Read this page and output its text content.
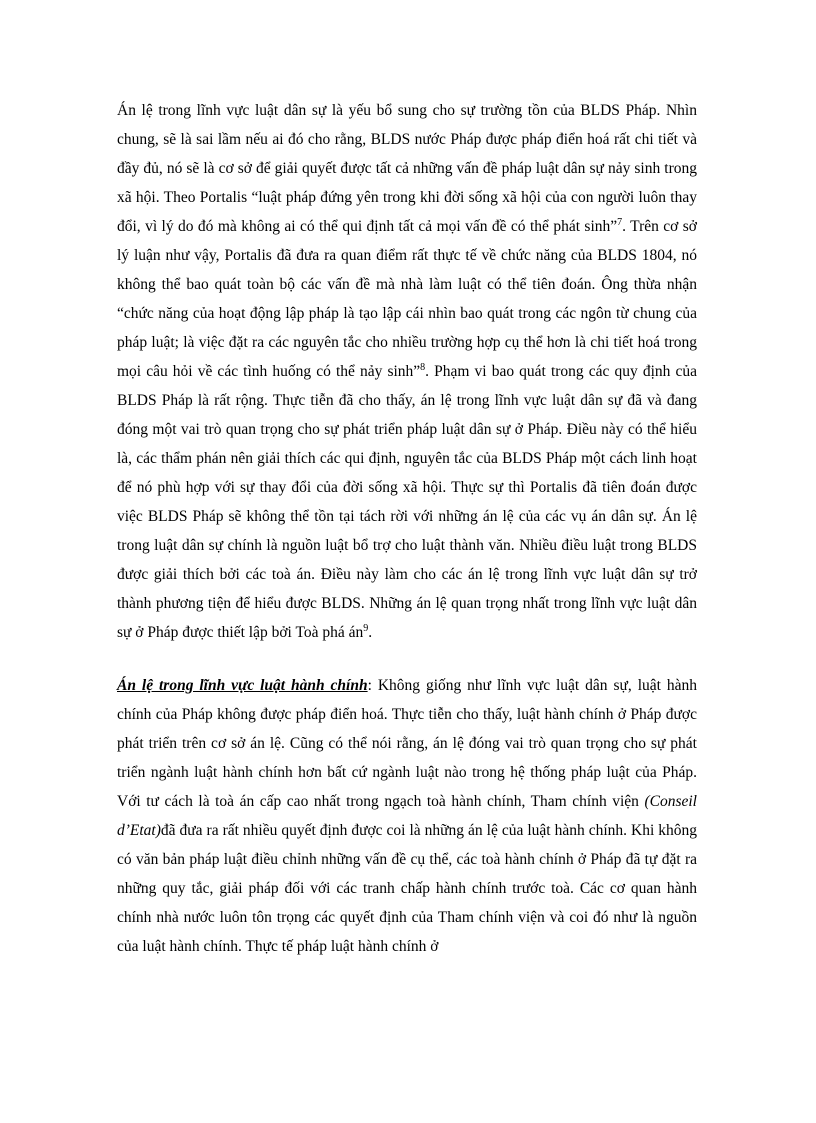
Án lệ trong lĩnh vực luật dân sự là yếu bổ sung cho sự trường tồn của BLDS Pháp. Nhìn chung, sẽ là sai lầm nếu ai đó cho rằng, BLDS nước Pháp được pháp điển hoá rất chi tiết và đầy đủ, nó sẽ là cơ sở để giải quyết được tất cả những vấn đề pháp luật dân sự nảy sinh trong xã hội. Theo Portalis “luật pháp đứng yên trong khi đời sống xã hội của con người luôn thay đổi, vì lý do đó mà không ai có thể qui định tất cả mọi vấn đề có thể phát sinh”$^7$. Trên cơ sở lý luận như vậy, Portalis đã đưa ra quan điểm rất thực tế về chức năng của BLDS 1804, nó không thể bao quát toàn bộ các vấn đề mà nhà làm luật có thể tiên đoán. Ông thừa nhận “chức năng của hoạt động lập pháp là tạo lập cái nhìn bao quát trong các ngôn từ chung của pháp luật; là việc đặt ra các nguyên tắc cho nhiều trường hợp cụ thể hơn là chi tiết hoá trong mọi câu hỏi về các tình huống có thể nảy sinh”$^8$. Phạm vi bao quát trong các quy định của BLDS Pháp là rất rộng. Thực tiễn đã cho thấy, án lệ trong lĩnh vực luật dân sự đã và đang đóng một vai trò quan trọng cho sự phát triển pháp luật dân sự ở Pháp. Điều này có thể hiểu là, các thẩm phán nên giải thích các qui định, nguyên tắc của BLDS Pháp một cách linh hoạt để nó phù hợp với sự thay đổi của đời sống xã hội. Thực sự thì Portalis đã tiên đoán được việc BLDS Pháp sẽ không thể tồn tại tách rời với những án lệ của các vụ án dân sự. Án lệ trong luật dân sự chính là nguồn luật bổ trợ cho luật thành văn. Nhiều điều luật trong BLDS được giải thích bởi các toà án. Điều này làm cho các án lệ trong lĩnh vực luật dân sự trở thành phương tiện để hiểu được BLDS. Những án lệ quan trọng nhất trong lĩnh vực luật dân sự ở Pháp được thiết lập bởi Toà phá $án^9$.

Án lệ trong lĩnh vực luật hành chính: Không giống như lĩnh vực luật dân sự, luật hành chính của Pháp không được pháp điển hoá. Thực tiễn cho thấy, luật hành chính ở Pháp được phát triển trên cơ sở án lệ. Cũng có thể nói rằng, án lệ đóng vai trò quan trọng cho sự phát triển ngành luật hành chính hơn bất cứ ngành luật nào trong hệ thống pháp luật của Pháp. Với tư cách là toà án cấp cao nhất trong ngạch toà hành chính, Tham chính viện (Conseil d’Etat)đã đưa ra rất nhiều quyết định được coi là những án lệ của luật hành chính. Khi không có văn bản pháp luật điều chỉnh những vấn đề cụ thể, các toà hành chính ở Pháp đã tự đặt ra những quy tắc, giải pháp đối với các tranh chấp hành chính trước toà. Các cơ quan hành chính nhà nước luôn tôn trọng các quyết định của Tham chính viện và coi đó như là nguồn của luật hành chính. Thực tế pháp luật hành chính ở
